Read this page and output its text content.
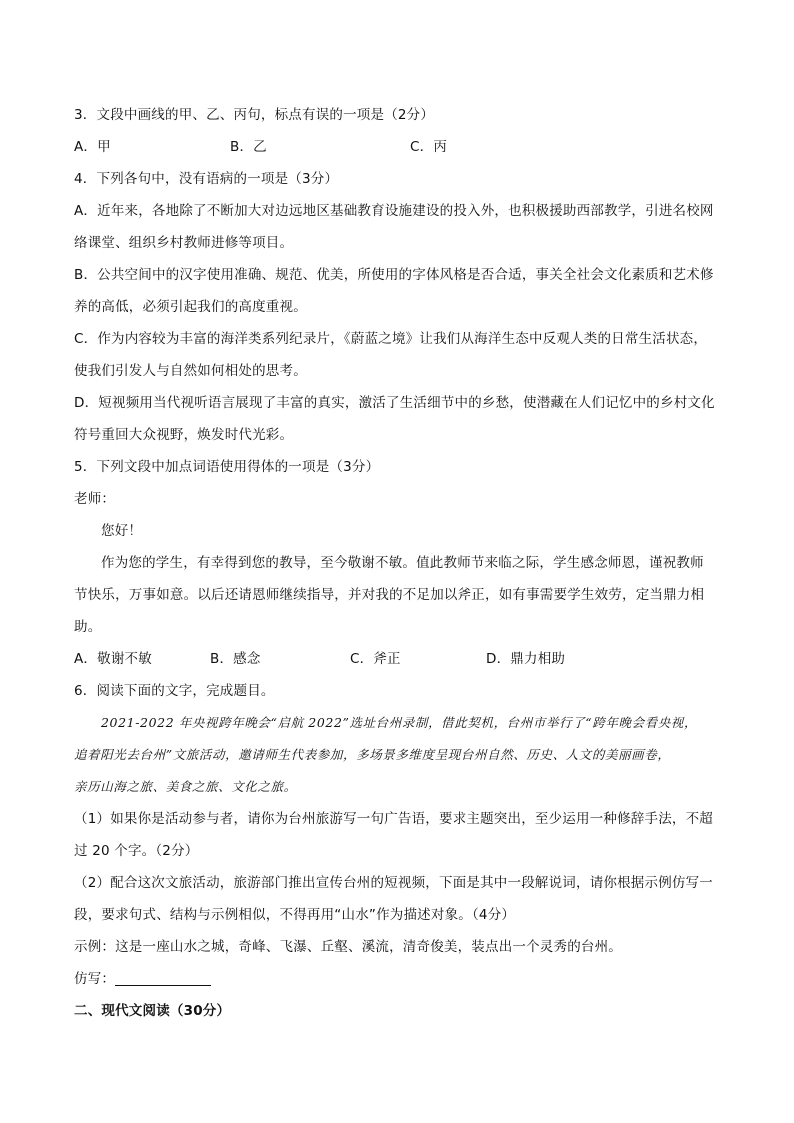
3．文段中画线的甲、乙、丙句，标点有误的一项是（2分）
A．甲	B．乙	C．丙
4．下列各句中，没有语病的一项是（3分）
A．近年来，各地除了不断加大对边远地区基础教育设施建设的投入外，也积极援助西部教学，引进名校网
络课堂、组织乡村教师进修等项目。
B．公共空间中的汉字使用准确、规范、优美，所使用的字体风格是否合适，事关全社会文化素质和艺术修
养的高低，必须引起我们的高度重视。
C．作为内容较为丰富的海洋类系列纪录片，《蔚蓝之境》让我们从海洋生态中反观人类的日常生活状态，
使我们引发人与自然如何相处的思考。
D．短视频用当代视听语言展现了丰富的真实，激活了生活细节中的乡愁，使潜藏在人们记忆中的乡村文化
符号重回大众视野，焕发时代光彩。
5．下列文段中加点词语使用得体的一项是（3分）
老师：
您好！
作为您的学生，有幸得到您的教导，至今敬谢不敏。值此教师节来临之际，学生感念师恩，谨祝教师
节快乐，万事如意。以后还请恩师继续指导，并对我的不足加以斧正，如有事需要学生效劳，定当鼎力相
助。
A．敬谢不敏	B．感念	C．斧正	D．鼎力相助
6．阅读下面的文字，完成题目。
2021-2022 年央视跨年晚会“启航 2022”选址台州录制，借此契机，台州市举行了“跨年晚会看央视，
追着阳光去台州”文旅活动，邀请师生代表参加，多场景多维度呈现台州自然、历史、人文的美丽画卷，
亲历山海之旅、美食之旅、文化之旅。
（1）如果你是活动参与者，请你为台州旅游写一句广告语，要求主题突出，至少运用一种修辞手法，不超
过 20 个字。（2分）
（2）配合这次文旅活动，旅游部门推出宣传台州的短视频，下面是其中一段解说词，请你根据示例仿写一
段，要求句式、结构与示例相似，不得再用“山水”作为描述对象。（4分）
示例：这是一座山水之城，奇峰、飞瀑、丘壑、溪流，清奇俊美，装点出一个灵秀的台州。
仿写：
二、现代文阅读（30分）
